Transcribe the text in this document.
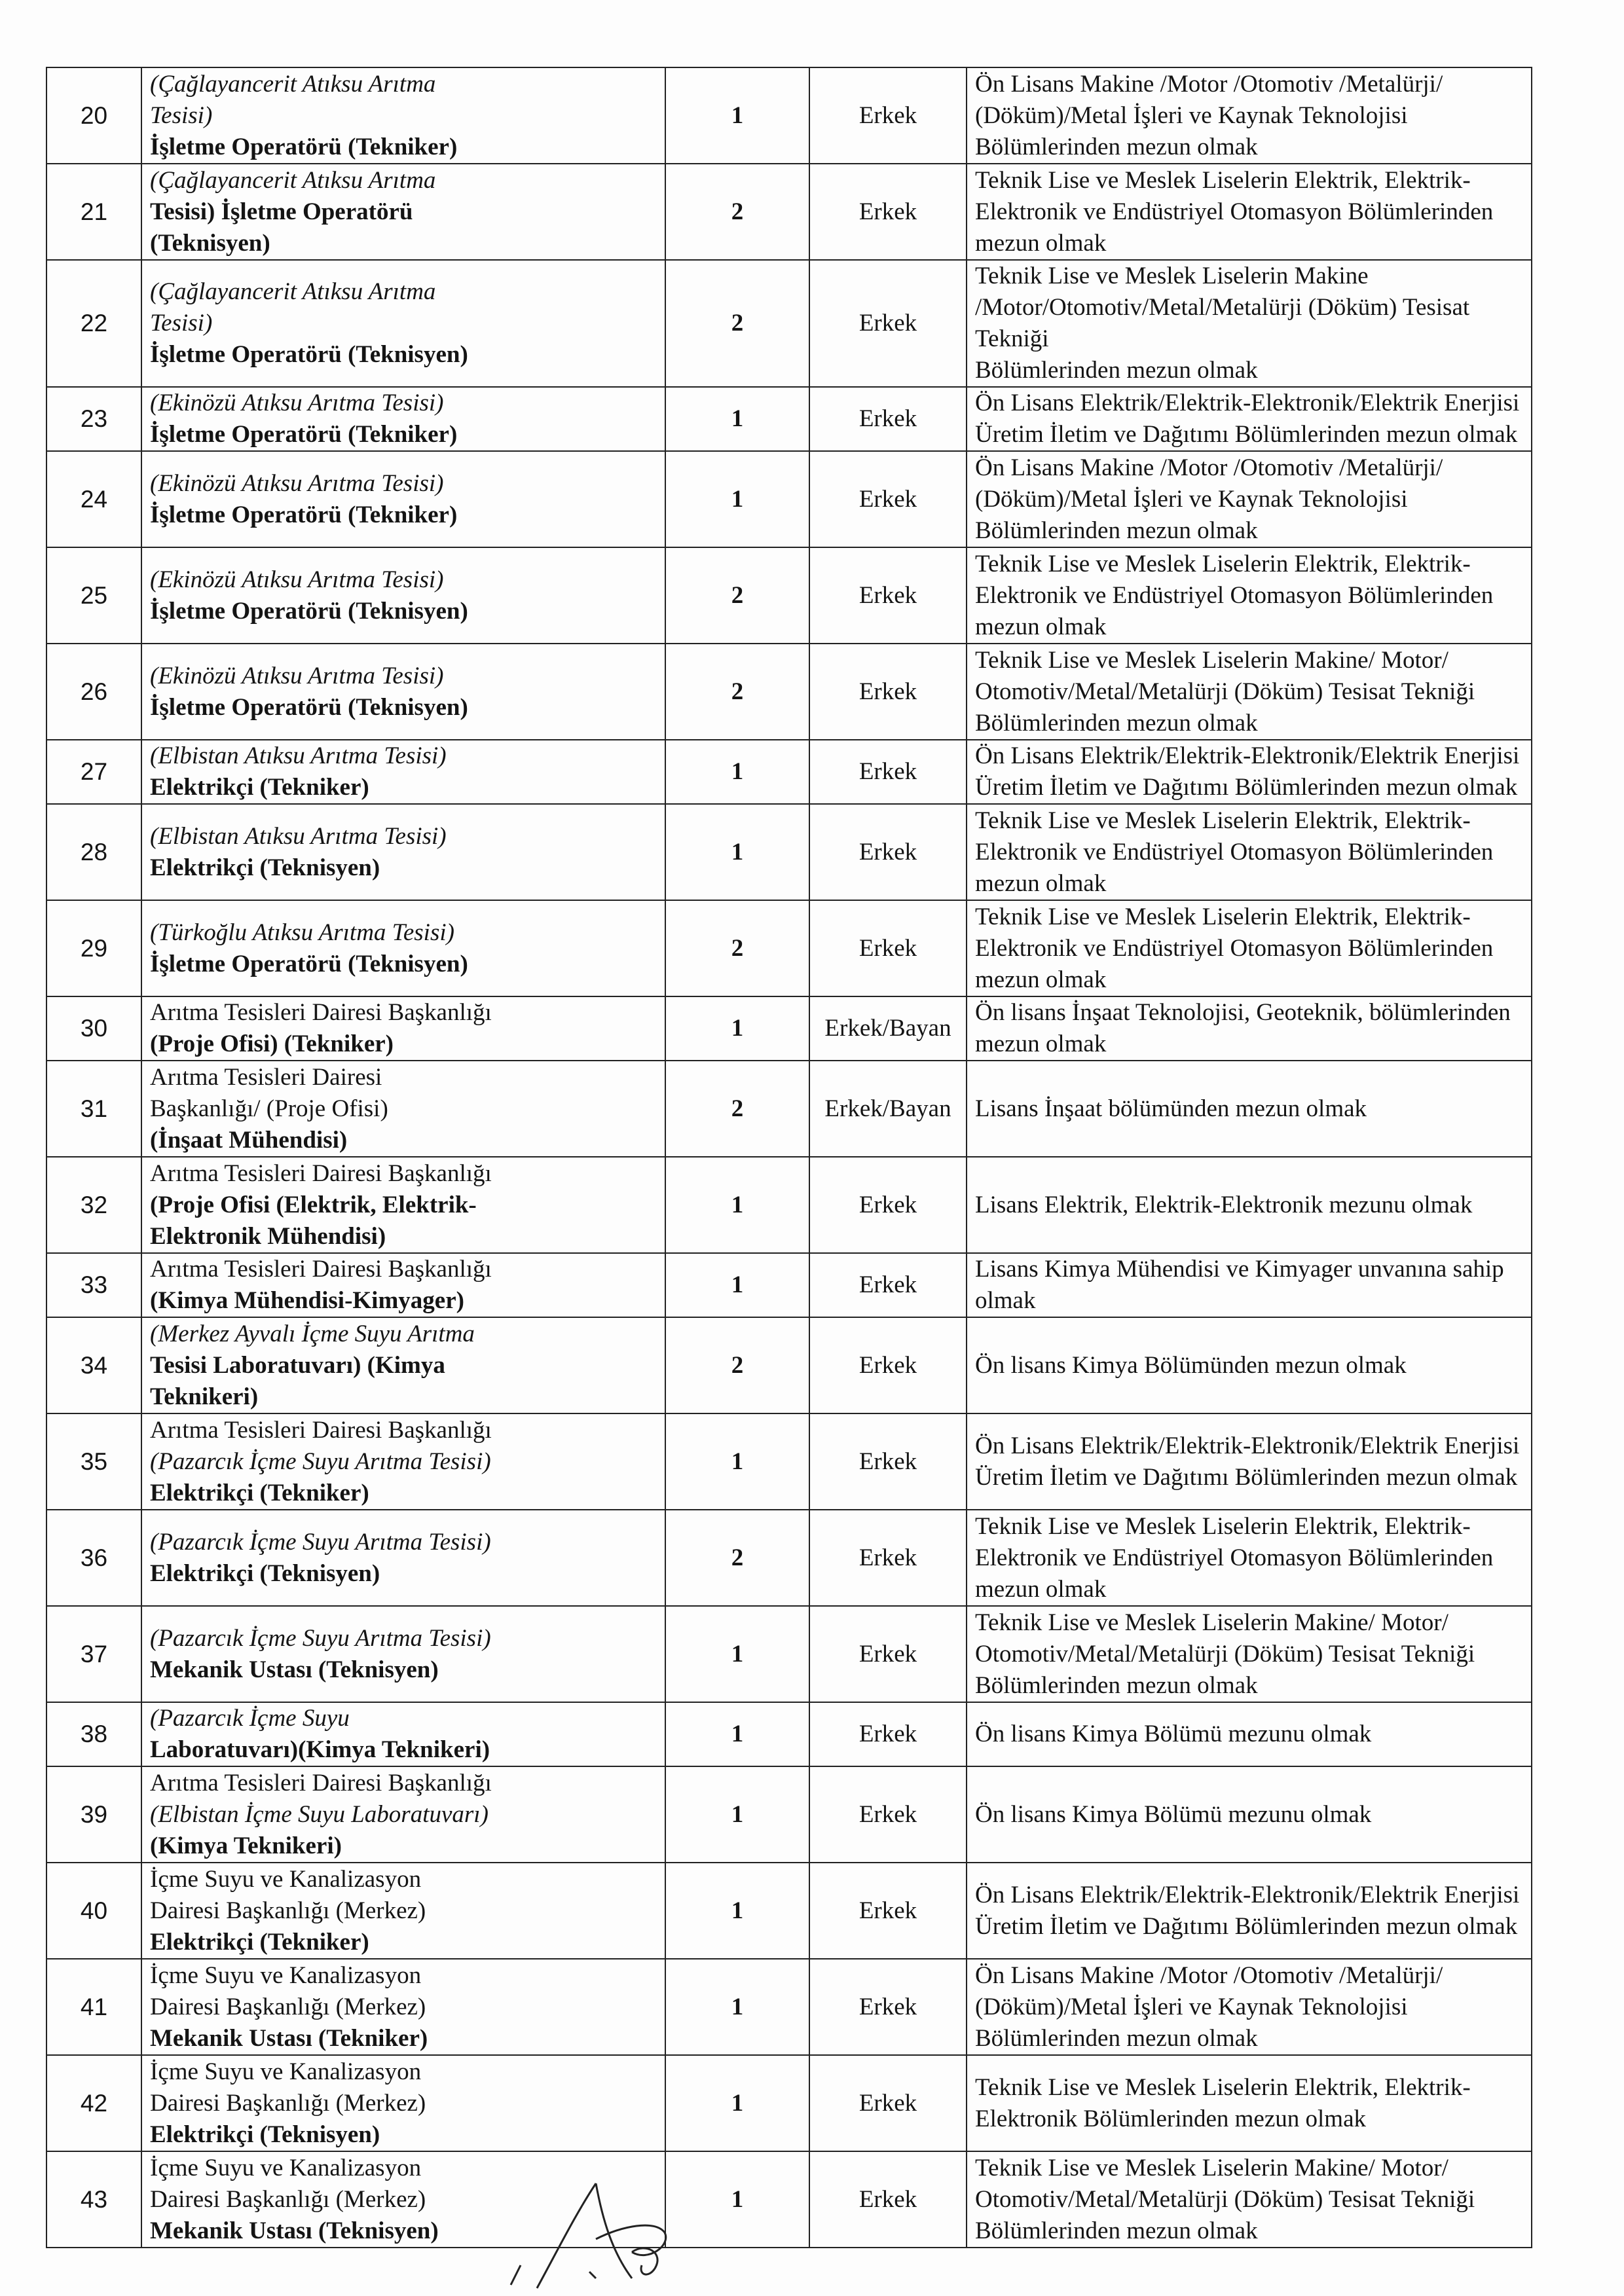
20	(Çağlayancerit Atıksu Arıtma
Tesisi)
İşletme Operatörü (Tekniker)	1	Erkek	Ön Lisans Makine /Motor /Otomotiv /Metalürji/
(Döküm)/Metal İşleri ve Kaynak Teknolojisi
Bölümlerinden mezun olmak

21	(Çağlayancerit Atıksu Arıtma
Tesisi) İşletme Operatörü
(Teknisyen)	2	Erkek	Teknik Lise ve Meslek Liselerin Elektrik, Elektrik-
Elektronik ve Endüstriyel Otomasyon Bölümlerinden
mezun olmak

22	(Çağlayancerit Atıksu Arıtma
Tesisi)
İşletme Operatörü (Teknisyen)	2	Erkek	Teknik Lise ve Meslek Liselerin Makine
/Motor/Otomotiv/Metal/Metalürji (Döküm) Tesisat Tekniği
Bölümlerinden mezun olmak

23	(Ekinözü Atıksu Arıtma Tesisi)
İşletme Operatörü (Tekniker)	1	Erkek	Ön Lisans Elektrik/Elektrik-Elektronik/Elektrik Enerjisi
Üretim İletim ve Dağıtımı Bölümlerinden mezun olmak

24	(Ekinözü Atıksu Arıtma Tesisi)
İşletme Operatörü (Tekniker)	1	Erkek	Ön Lisans Makine /Motor /Otomotiv /Metalürji/
(Döküm)/Metal İşleri ve Kaynak Teknolojisi
Bölümlerinden mezun olmak

25	(Ekinözü Atıksu Arıtma Tesisi)
İşletme Operatörü (Teknisyen)	2	Erkek	Teknik Lise ve Meslek Liselerin Elektrik, Elektrik-
Elektronik ve Endüstriyel Otomasyon Bölümlerinden
mezun olmak

26	(Ekinözü Atıksu Arıtma Tesisi)
İşletme Operatörü (Teknisyen)	2	Erkek	Teknik Lise ve Meslek Liselerin Makine/ Motor/
Otomotiv/Metal/Metalürji (Döküm) Tesisat Tekniği
Bölümlerinden mezun olmak

27	(Elbistan Atıksu Arıtma Tesisi)
Elektrikçi (Tekniker)	1	Erkek	Ön Lisans Elektrik/Elektrik-Elektronik/Elektrik Enerjisi
Üretim İletim ve Dağıtımı Bölümlerinden mezun olmak

28	(Elbistan Atıksu Arıtma Tesisi)
Elektrikçi (Teknisyen)	1	Erkek	Teknik Lise ve Meslek Liselerin Elektrik, Elektrik-
Elektronik ve Endüstriyel Otomasyon Bölümlerinden
mezun olmak

29	(Türkoğlu Atıksu Arıtma Tesisi)
İşletme Operatörü (Teknisyen)	2	Erkek	Teknik Lise ve Meslek Liselerin Elektrik, Elektrik-
Elektronik ve Endüstriyel Otomasyon Bölümlerinden
mezun olmak

30	Arıtma Tesisleri Dairesi Başkanlığı
(Proje Ofisi) (Tekniker)	1	Erkek/Bayan	Ön lisans İnşaat Teknolojisi, Geoteknik, bölümlerinden
mezun olmak

31	Arıtma Tesisleri Dairesi
Başkanlığı/ (Proje Ofisi)
(İnşaat Mühendisi)	2	Erkek/Bayan	Lisans İnşaat bölümünden mezun olmak

32	Arıtma Tesisleri Dairesi Başkanlığı
(Proje Ofisi (Elektrik, Elektrik-
Elektronik Mühendisi)	1	Erkek	Lisans Elektrik, Elektrik-Elektronik mezunu olmak

33	Arıtma Tesisleri Dairesi Başkanlığı
(Kimya Mühendisi-Kimyager)	1	Erkek	Lisans Kimya Mühendisi ve Kimyager unvanına sahip
olmak

34	(Merkez Ayvalı İçme Suyu Arıtma
Tesisi Laboratuvarı) (Kimya
Teknikeri)	2	Erkek	Ön lisans Kimya Bölümünden mezun olmak

35	Arıtma Tesisleri Dairesi Başkanlığı
(Pazarcık İçme Suyu Arıtma Tesisi)
Elektrikçi (Tekniker)	1	Erkek	Ön Lisans Elektrik/Elektrik-Elektronik/Elektrik Enerjisi
Üretim İletim ve Dağıtımı Bölümlerinden mezun olmak

36	(Pazarcık İçme Suyu Arıtma Tesisi)
Elektrikçi (Teknisyen)	2	Erkek	Teknik Lise ve Meslek Liselerin Elektrik, Elektrik-
Elektronik ve Endüstriyel Otomasyon Bölümlerinden
mezun olmak

37	(Pazarcık İçme Suyu Arıtma Tesisi)
Mekanik Ustası (Teknisyen)	1	Erkek	Teknik Lise ve Meslek Liselerin Makine/ Motor/
Otomotiv/Metal/Metalürji (Döküm) Tesisat Tekniği
Bölümlerinden mezun olmak

38	(Pazarcık İçme Suyu
Laboratuvarı)(Kimya Teknikeri)	1	Erkek	Ön lisans Kimya Bölümü mezunu olmak

39	Arıtma Tesisleri Dairesi Başkanlığı
(Elbistan İçme Suyu Laboratuvarı)
(Kimya Teknikeri)	1	Erkek	Ön lisans Kimya Bölümü mezunu olmak

40	İçme Suyu ve Kanalizasyon
Dairesi Başkanlığı (Merkez)
Elektrikçi (Tekniker)	1	Erkek	Ön Lisans Elektrik/Elektrik-Elektronik/Elektrik Enerjisi
Üretim İletim ve Dağıtımı Bölümlerinden mezun olmak

41	İçme Suyu ve Kanalizasyon
Dairesi Başkanlığı (Merkez)
Mekanik Ustası (Tekniker)	1	Erkek	Ön Lisans Makine /Motor /Otomotiv /Metalürji/
(Döküm)/Metal İşleri ve Kaynak Teknolojisi
Bölümlerinden mezun olmak

42	İçme Suyu ve Kanalizasyon
Dairesi Başkanlığı (Merkez)
Elektrikçi (Teknisyen)	1	Erkek	Teknik Lise ve Meslek Liselerin Elektrik, Elektrik-
Elektronik Bölümlerinden mezun olmak

43	İçme Suyu ve Kanalizasyon
Dairesi Başkanlığı (Merkez)
Mekanik Ustası (Teknisyen)	1	Erkek	Teknik Lise ve Meslek Liselerin Makine/ Motor/
Otomotiv/Metal/Metalürji (Döküm) Tesisat Tekniği
Bölümlerinden mezun olmak
